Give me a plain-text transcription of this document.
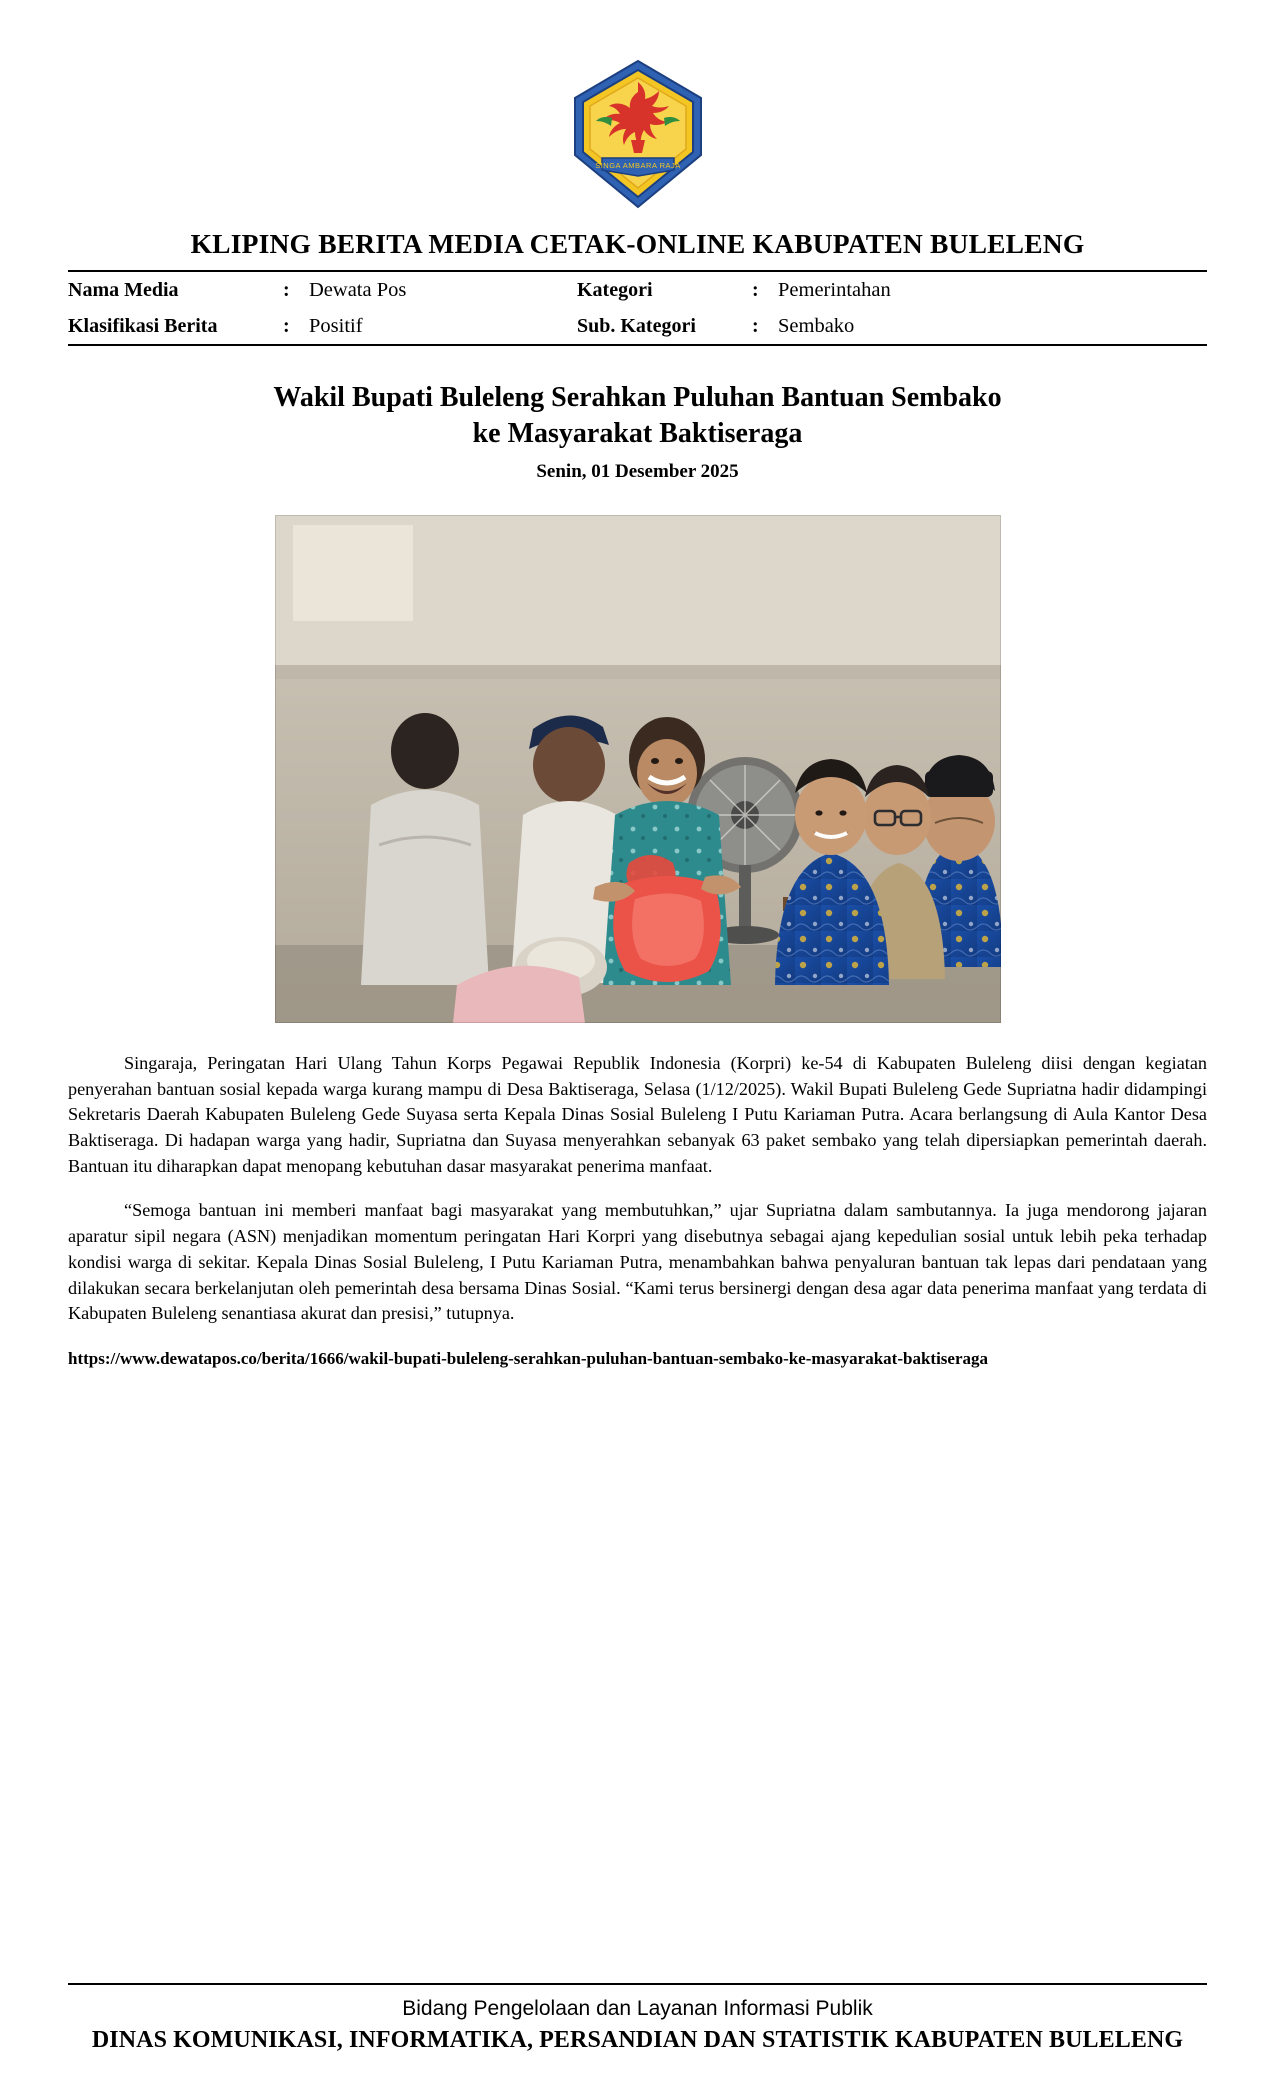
SINGA AMBARA RAJA
KLIPING BERITA MEDIA CETAK-ONLINE KABUPATEN BULELENG
Nama Media	:	Dewata Pos	Kategori	:	Pemerintahan
Klasifikasi Berita	:	Positif	Sub. Kategori	:	Sembako
Wakil Bupati Buleleng Serahkan Puluhan Bantuan Sembako
ke Masyarakat Baktiseraga
Senin, 01 Desember 2025

Singaraja, Peringatan Hari Ulang Tahun Korps Pegawai Republik Indonesia (Korpri) ke-54 di Kabupaten Buleleng diisi dengan kegiatan penyerahan bantuan sosial kepada warga kurang mampu di Desa Baktiseraga, Selasa (1/12/2025). Wakil Bupati Buleleng Gede Supriatna hadir didampingi Sekretaris Daerah Kabupaten Buleleng Gede Suyasa serta Kepala Dinas Sosial Buleleng I Putu Kariaman Putra. Acara berlangsung di Aula Kantor Desa Baktiseraga. Di hadapan warga yang hadir, Supriatna dan Suyasa menyerahkan sebanyak 63 paket sembako yang telah dipersiapkan pemerintah daerah. Bantuan itu diharapkan dapat menopang kebutuhan dasar masyarakat penerima manfaat.

“Semoga bantuan ini memberi manfaat bagi masyarakat yang membutuhkan,” ujar Supriatna dalam sambutannya. Ia juga mendorong jajaran aparatur sipil negara (ASN) menjadikan momentum peringatan Hari Korpri yang disebutnya sebagai ajang kepedulian sosial untuk lebih peka terhadap kondisi warga di sekitar. Kepala Dinas Sosial Buleleng, I Putu Kariaman Putra, menambahkan bahwa penyaluran bantuan tak lepas dari pendataan yang dilakukan secara berkelanjutan oleh pemerintah desa bersama Dinas Sosial. “Kami terus bersinergi dengan desa agar data penerima manfaat yang terdata di Kabupaten Buleleng senantiasa akurat dan presisi,” tutupnya.

https://www.dewatapos.co/berita/1666/wakil-bupati-buleleng-serahkan-puluhan-bantuan-sembako-ke-masyarakat-baktiseraga
Bidang Pengelolaan dan Layanan Informasi Publik
DINAS KOMUNIKASI, INFORMATIKA, PERSANDIAN DAN STATISTIK KABUPATEN BULELENG
